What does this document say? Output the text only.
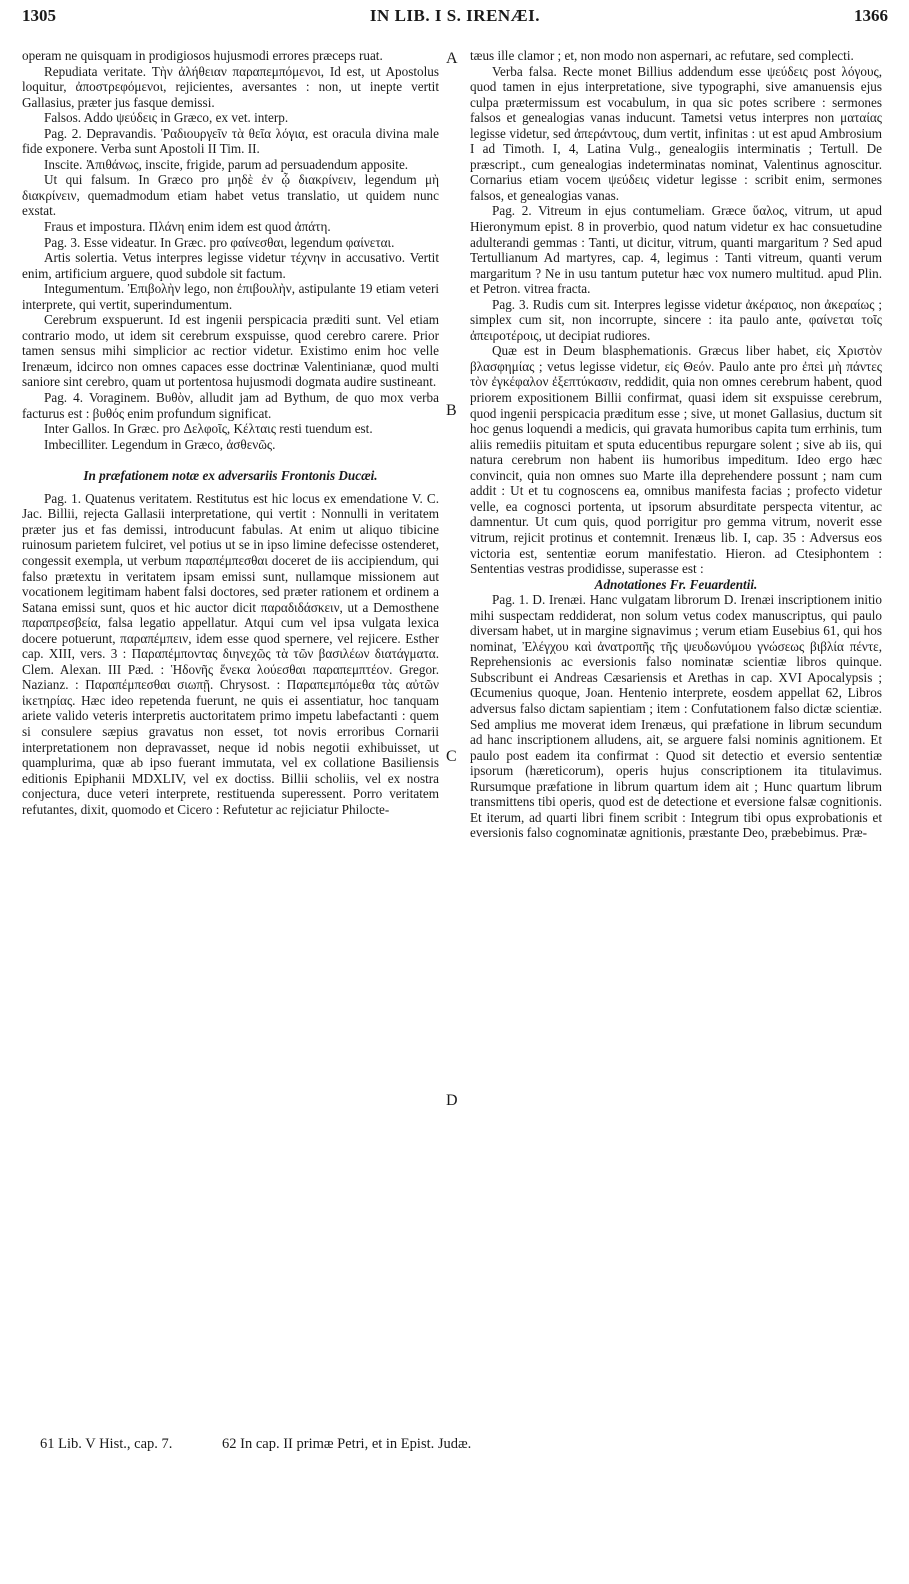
1305	IN LIB. I S. IRENÆI.	1366

operam ne quisquam in prodigiosos hujusmodi errores præceps ruat.

Repudiata veritate. Τὴν ἀλήθειαν παραπεμπόμενοι, Id est, ut Apostolus loquitur, ἀποστρεφόμενοι, rejicientes, aversantes : non, ut inepte vertit Gallasius, præter jus fasque demissi.

Falsos. Addo ψεύδεις in Græco, ex vet. interp.

Pag. 2. Depravandis. Ῥαδιουργεῖν τὰ θεῖα λόγια, est oracula divina male fide exponere. Verba sunt Apostoli II Tim. II.

Inscite. Ἀπιθάνως, inscite, frigide, parum ad persuadendum apposite.

Ut qui falsum. In Græco pro μηδὲ ἐν ᾧ διακρίνειν, legendum μὴ διακρίνειν, quemadmodum etiam habet vetus translatio, ut quidem nunc exstat.

Fraus et impostura. Πλάνη enim idem est quod ἀπάτη.

Pag. 3. Esse videatur. In Græc. pro φαίνεσθαι, legendum φαίνεται.

Artis solertia. Vetus interpres legisse videtur τέχνην in accusativo. Vertit enim, artificium arguere, quod subdole sit factum.

Integumentum. Ἐπιβολὴν lego, non ἐπιβουλὴν, astipulante 19 etiam veteri interprete, qui vertit, superindumentum.

Cerebrum exspuerunt. Id est ingenii perspicacia præditi sunt. Vel etiam contrario modo, ut idem sit cerebrum exspuisse, quod cerebro carere. Prior tamen sensus mihi simplicior ac rectior videtur. Existimo enim hoc velle Irenæum, idcirco non omnes capaces esse doctrinæ Valentinianæ, quod multi saniore sint cerebro, quam ut portentosa hujusmodi dogmata audire sustineant.

Pag. 4. Voraginem. Βυθὸν, alludit jam ad Bythum, de quo mox verba facturus est : βυθός enim profundum significat.

Inter Gallos. In Græc. pro Δελφοῖς, Κέλταις resti tuendum est.

Imbecilliter. Legendum in Græco, ἀσθενῶς.

In præfationem notæ ex adversariis Frontonis Ducæi.

Pag. 1. Quatenus veritatem. Restitutus est hic locus ex emendatione V. C. Jac. Billii, rejecta Gallasii interpretatione, qui vertit : Nonnulli in veritatem præter jus et fas demissi, introducunt fabulas. At enim ut aliquo tibicine ruinosum parietem fulciret, vel potius ut se in ipso limine defecisse ostenderet, congessit exempla, ut verbum παραπέμπεσθαι doceret de iis accipiendum, qui falso prætextu in veritatem ipsam emissi sunt, nullamque missionem aut vocationem legitimam habent falsi doctores, sed præter rationem et ordinem a Satana emissi sunt, quos et hic auctor dicit παραδιδάσκειν, ut a Demosthene παραπρεσβεία, falsa legatio appellatur. Atqui cum vel ipsa vulgata lexica docere potuerunt, παραπέμπειν, idem esse quod spernere, vel rejicere. Esther cap. XIII, vers. 3 : Παραπέμποντας διηνεχῶς τὰ τῶν βασιλέων διατάγματα. Clem. Alexan. III Pæd. : Ἡδονῆς ἕνεκα λούεσθαι παραπεμπτέον. Gregor. Nazianz. : Παραπέμπεσθαι σιωπῇ. Chrysost. : Παραπεμπόμεθα τὰς αὐτῶν ἱκετηρίας. Hæc ideo repetenda fuerunt, ne quis ei assentiatur, hoc tanquam ariete valido veteris interpretis auctoritatem primo impetu labefactanti : quem si consulere sæpius gravatus non esset, tot novis erroribus Cornarii interpretationem non depravasset, neque id nobis negotii exhibuisset, ut quamplurima, quæ ab ipso fuerant immutata, vel ex collatione Basiliensis editionis Epiphanii MDXLIV, vel ex doctiss. Billii scholiis, vel ex nostra conjectura, duce veteri interprete, restituenda superessent. Porro veritatem refutantes, dixit, quomodo et Cicero : Refutetur ac rejiciatur Philocte-

tæus ille clamor ; et, non modo non aspernari, ac refutare, sed complecti.

Verba falsa. Recte monet Billius addendum esse ψεύδεις post λόγους, quod tamen in ejus interpretatione, sive typographi, sive amanuensis ejus culpa prætermissum est vocabulum, in qua sic potes scribere : sermones falsos et genealogias vanas inducunt. Tametsi vetus interpres non ματαίας legisse videtur, sed ἀπεράντους, dum vertit, infinitas : ut est apud Ambrosium I ad Timoth. I, 4, Latina Vulg., genealogiis interminatis ; Tertull. De præscript., cum genealogias indeterminatas nominat, Valentinus agnoscitur. Cornarius etiam vocem ψεύδεις videtur legisse : scribit enim, sermones falsos, et genealogias vanas.

Pag. 2. Vitreum in ejus contumeliam. Græce ὕαλος, vitrum, ut apud Hieronymum epist. 8 in proverbio, quod natum videtur ex hac consuetudine adulterandi gemmas : Tanti, ut dicitur, vitrum, quanti margaritum ? Sed apud Tertullianum Ad martyres, cap. 4, legimus : Tanti vitreum, quanti verum margaritum ? Ne in usu tantum putetur hæc vox numero multitud. apud Plin. et Petron. vitrea fracta.

Pag. 3. Rudis cum sit. Interpres legisse videtur ἀκέραιος, non ἀκεραίως ; simplex cum sit, non incorrupte, sincere : ita paulo ante, φαίνεται τοῖς ἀπειροτέροις, ut decipiat rudiores.

Quæ est in Deum blasphemationis. Græcus liber habet, εἰς Χριστὸν βλασφημίας ; vetus legisse videtur, εἰς Θεόν. Paulo ante pro ἐπεὶ μὴ πάντες τὸν ἐγκέφαλον ἐξεπτύκασιν, reddidit, quia non omnes cerebrum habent, quod priorem expositionem Billii confirmat, quasi idem sit exspuisse cerebrum, quod ingenii perspicacia præditum esse ; sive, ut monet Gallasius, ductum sit hoc genus loquendi a medicis, qui gravata humoribus capita tum errhinis, tum aliis remediis pituitam et sputa educentibus repurgare solent ; sive ab iis, qui natura cerebrum non habent iis humoribus impeditum. Ideo ergo hæc convincit, quia non omnes suo Marte illa deprehendere possunt ; nam cum addit : Ut et tu cognoscens ea, omnibus manifesta facias ; profecto videtur velle, ea cognosci portenta, ut ipsorum absurditate perspecta vitentur, ac damnentur. Ut cum quis, quod porrigitur pro gemma vitrum, noverit esse vitrum, rejicit protinus et contemnit. Irenæus lib. I, cap. 35 : Adversus eos victoria est, sententiæ eorum manifestatio. Hieron. ad Ctesiphontem : Sententias vestras prodidisse, superasse est :

Adnotationes Fr. Feuardentii.

Pag. 1. D. Irenæi. Hanc vulgatam librorum D. Irenæi inscriptionem initio mihi suspectam reddiderat, non solum vetus codex manuscriptus, qui paulo diversam habet, ut in margine signavimus ; verum etiam Eusebius 61, qui hos nominat, Ἐλέγχου καὶ ἀνατροπῆς τῆς ψευδωνύμου γνώσεως βιβλία πέντε, Reprehensionis ac eversionis falso nominatæ scientiæ libros quinque. Subscribunt ei Andreas Cæsariensis et Arethas in cap. XVI Apocalypsis ; Œcumenius quoque, Joan. Hentenio interprete, eosdem appellat 62, Libros adversus falso dictam sapientiam ; item : Confutationem falso dictæ scientiæ. Sed amplius me moverat idem Irenæus, qui præfatione in librum secundum ad hanc inscriptionem alludens, ait, se arguere falsi nominis agnitionem. Et paulo post eadem ita confirmat : Quod sit detectio et eversio sententiæ ipsorum (hæreticorum), operis hujus conscriptionem ita titulavimus. Rursumque præfatione in librum quartum idem ait ; Hunc quartum librum transmittens tibi operis, quod est de detectione et eversione falsæ cognitionis. Et iterum, ad quarti libri finem scribit : Integrum tibi opus exprobationis et eversionis falso cognominatæ agnitionis, præstante Deo, præbebimus. Præ-

A
B
C
D
61 Lib. V Hist., cap. 7.	62 In cap. II primæ Petri, et in Epist. Judæ.
